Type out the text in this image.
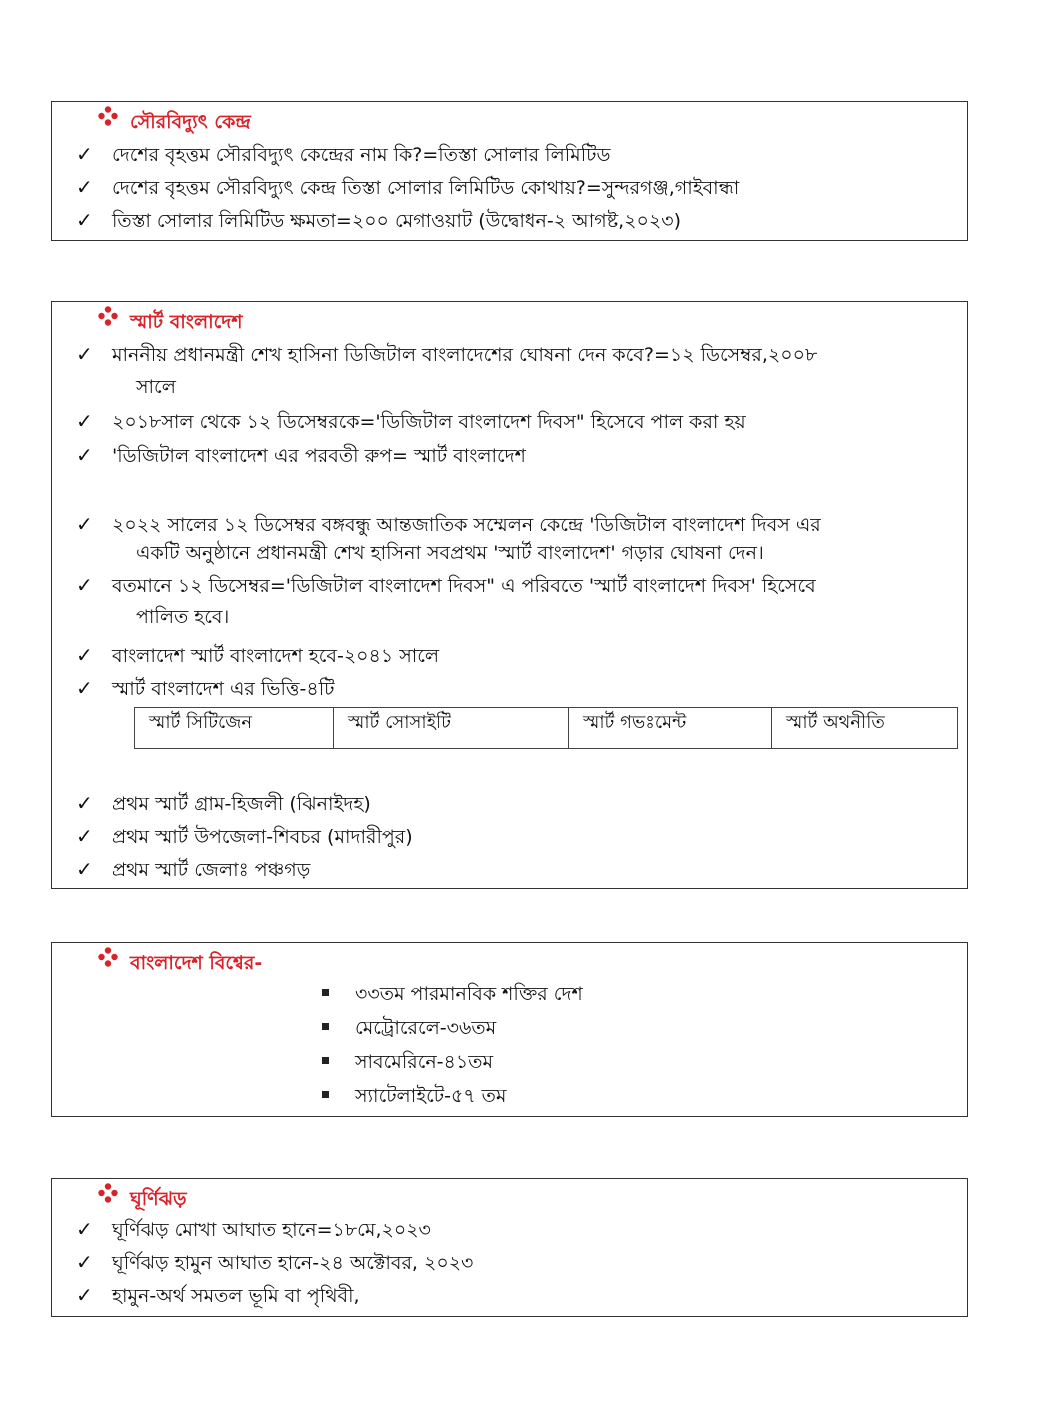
সৌরবিদ্যুৎ কেন্দ্র
✓ দেশের বৃহত্তম সৌরবিদ্যুৎ কেন্দ্রের নাম কি?=তিস্তা সোলার লিমিটিড
✓ দেশের বৃহত্তম সৌরবিদ্যুৎ কেন্দ্র তিস্তা সোলার লিমিটিড কোথায়?=সুন্দরগঞ্জ,গাইবান্ধা
✓ তিস্তা সোলার লিমিটিড ক্ষমতা=২০০ মেগাওয়াট (উদ্বোধন-২ আগষ্ট,২০২৩)
স্মার্ট বাংলাদেশ
✓ মাননীয় প্রধানমন্ত্রী শেখ হাসিনা ডিজিটাল বাংলাদেশের ঘোষনা দেন কবে?=১২ ডিসেম্বর,২০০৮
সালে
✓ ২০১৮সাল থেকে ১২ ডিসেম্বরকে='ডিজিটাল বাংলাদেশ দিবস" হিসেবে পাল করা হয়
✓ 'ডিজিটাল বাংলাদেশ এর পরবতী রুপ= স্মার্ট বাংলাদেশ
✓ ২০২২ সালের ১২ ডিসেম্বর বঙ্গবন্ধু আন্তজাতিক সম্মেলন কেন্দ্রে 'ডিজিটাল বাংলাদেশ দিবস এর
একটি অনুষ্ঠানে প্রধানমন্ত্রী শেখ হাসিনা সবপ্রথম 'স্মার্ট বাংলাদেশ' গড়ার ঘোষনা দেন।
✓ বতমানে ১২ ডিসেম্বর='ডিজিটাল বাংলাদেশ দিবস" এ পরিবতে 'স্মার্ট বাংলাদেশ দিবস' হিসেবে
পালিত হবে।
✓ বাংলাদেশ স্মার্ট বাংলাদেশ হবে-২০৪১ সালে
✓ স্মার্ট বাংলাদেশ এর ভিত্তি-৪টি
স্মার্ট সিটিজেন	স্মার্ট সোসাইটি	স্মার্ট গভঃমেন্ট	স্মার্ট অথনীতি
✓ প্রথম স্মার্ট গ্রাম-হিজলী (ঝিনাইদহ)
✓ প্রথম স্মার্ট উপজেলা-শিবচর (মাদারীপুর)
✓ প্রথম স্মার্ট জেলাঃ পঞ্চগড়
বাংলাদেশ বিশ্বের-
৩৩তম পারমানবিক শক্তির দেশ
মেট্রোরেলে-৩৬তম
সাবমেরিনে-৪১তম
স্যাটেলাইটে-৫৭ তম
ঘূর্ণিঝড়
✓ ঘূর্ণিঝড় মোখা আঘাত হানে=১৮মে,২০২৩
✓ ঘূর্ণিঝড় হামুন আঘাত হানে-২৪ অক্টোবর, ২০২৩
✓ হামুন-অর্থ সমতল ভূমি বা পৃথিবী,
